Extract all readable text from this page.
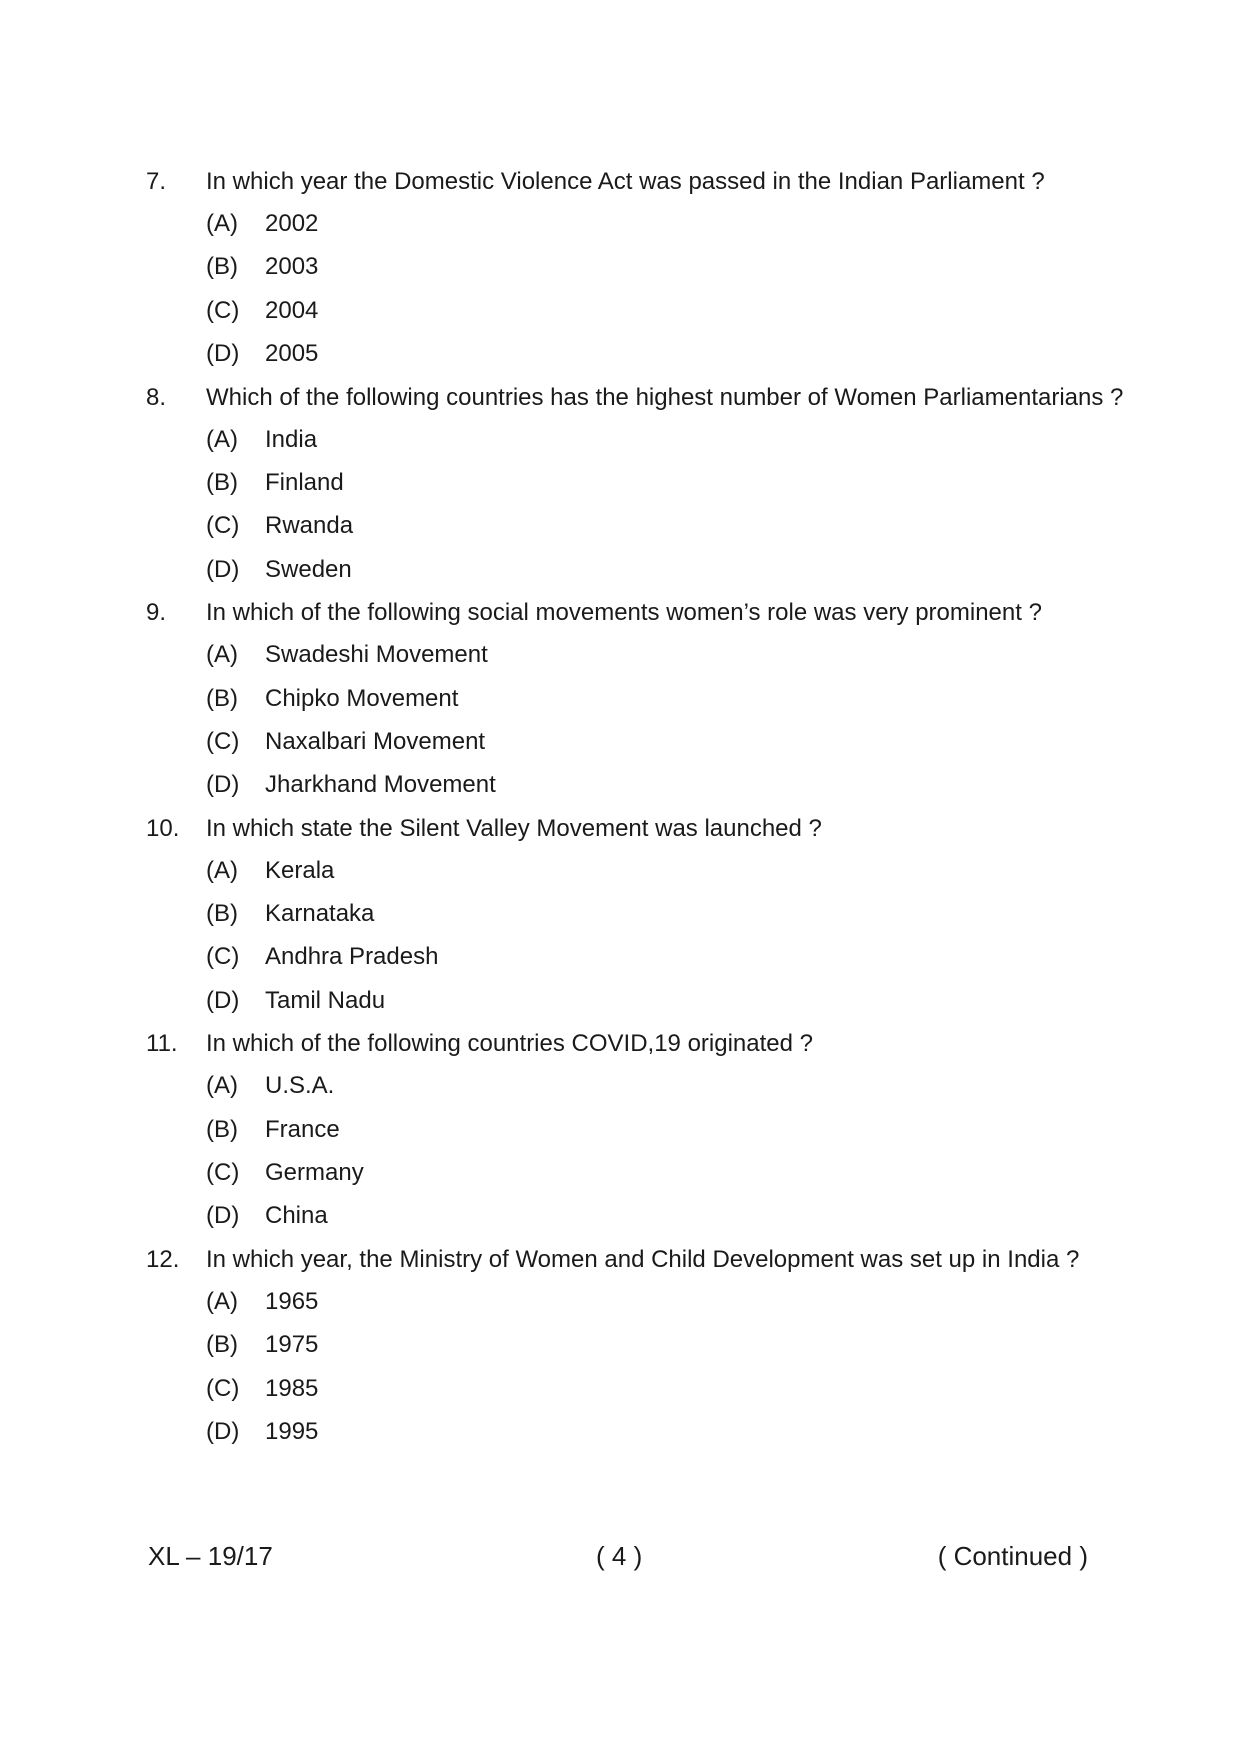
7.	In which year the Domestic Violence Act was passed in the Indian Parliament ?
(A)	2002
(B)	2003
(C)	2004
(D)	2005
8.	Which of the following countries has the highest number of Women Parliamentarians ?
(A)	India
(B)	Finland
(C)	Rwanda
(D)	Sweden
9.	In which of the following social movements women’s role was very prominent ?
(A)	Swadeshi Movement
(B)	Chipko Movement
(C)	Naxalbari Movement
(D)	Jharkhand Movement
10.	In which state the Silent Valley Movement was launched ?
(A)	Kerala
(B)	Karnataka
(C)	Andhra Pradesh
(D)	Tamil Nadu
11.	In which of the following countries COVID,19 originated ?
(A)	U.S.A.
(B)	France
(C)	Germany
(D)	China
12.	In which year, the Ministry of Women and Child Development was set up in India ?
(A)	1965
(B)	1975
(C)	1985
(D)	1995
XL – 19/17	( 4 )	( Continued )
